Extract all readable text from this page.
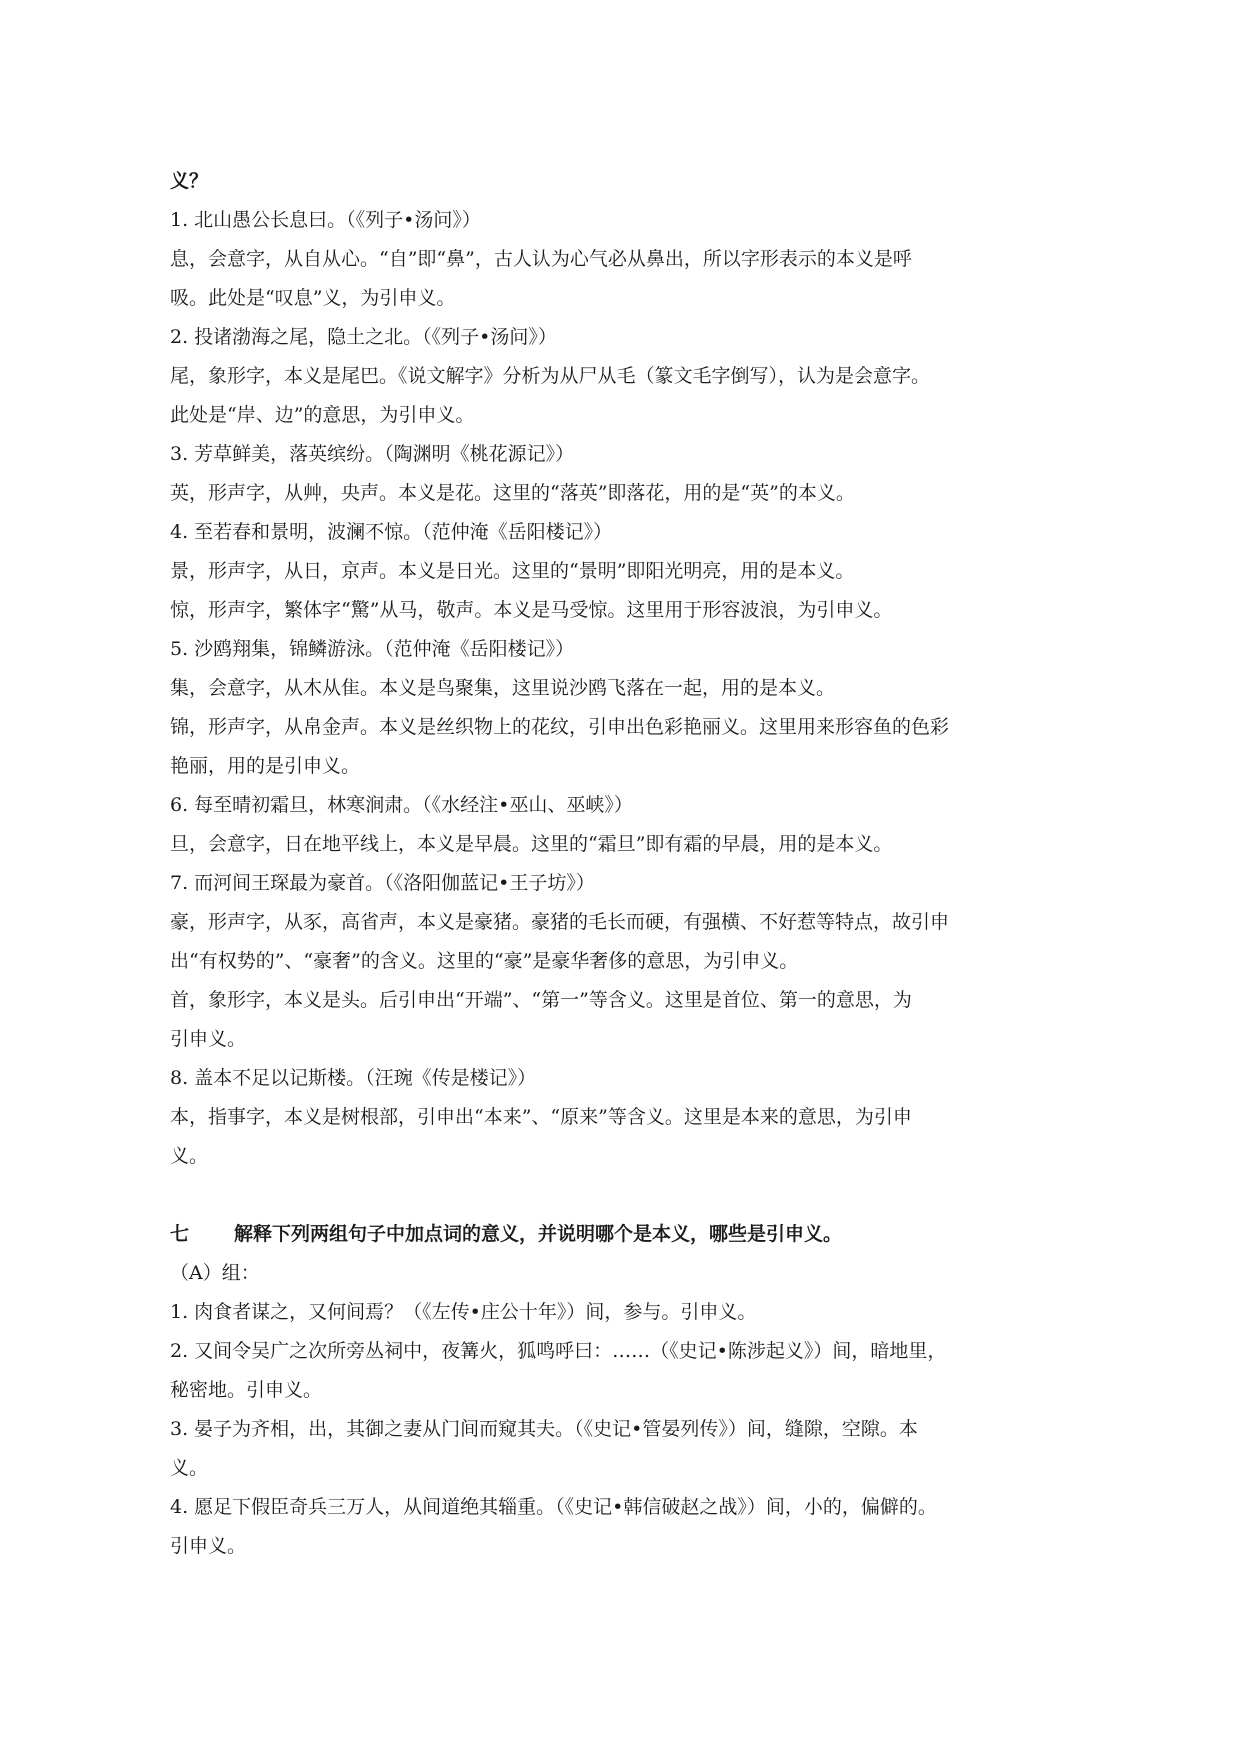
义？
1. 北山愚公长息曰。（《列子•汤问》）
息，会意字，从自从心。“自”即“鼻”，古人认为心气必从鼻出，所以字形表示的本义是呼
吸。此处是“叹息”义，为引申义。
2. 投诸渤海之尾，隐土之北。（《列子•汤问》）
尾，象形字，本义是尾巴。《说文解字》分析为从尸从毛（篆文毛字倒写），认为是会意字。
此处是“岸、边”的意思，为引申义。
3. 芳草鲜美，落英缤纷。（陶渊明《桃花源记》）
英，形声字，从艸，央声。本义是花。这里的“落英”即落花，用的是“英”的本义。
4. 至若春和景明，波澜不惊。（范仲淹《岳阳楼记》）
景，形声字，从日，京声。本义是日光。这里的“景明”即阳光明亮，用的是本义。
惊，形声字，繁体字“驚”从马，敬声。本义是马受惊。这里用于形容波浪，为引申义。
5. 沙鸥翔集，锦鳞游泳。（范仲淹《岳阳楼记》）
集，会意字，从木从隹。本义是鸟聚集，这里说沙鸥飞落在一起，用的是本义。
锦，形声字，从帛金声。本义是丝织物上的花纹，引申出色彩艳丽义。这里用来形容鱼的色彩
艳丽，用的是引申义。
6. 每至晴初霜旦，林寒涧肃。（《水经注•巫山、巫峡》）
旦，会意字，日在地平线上，本义是早晨。这里的“霜旦”即有霜的早晨，用的是本义。
7. 而河间王琛最为豪首。（《洛阳伽蓝记•王子坊》）
豪，形声字，从豕，高省声，本义是豪猪。豪猪的毛长而硬，有强横、不好惹等特点，故引申
出“有权势的”、“豪奢”的含义。这里的“豪”是豪华奢侈的意思，为引申义。
首，象形字，本义是头。后引申出“开端”、“第一”等含义。这里是首位、第一的意思，为
引申义。
8. 盖本不足以记斯楼。（汪琬《传是楼记》）
本，指事字，本义是树根部，引申出“本来”、“原来”等含义。这里是本来的意思，为引申
义。
七 解释下列两组句子中加点词的意义，并说明哪个是本义，哪些是引申义。
（A）组：
1. 肉食者谋之，又何间焉？（《左传•庄公十年》）间，参与。引申义。
2. 又间令吴广之次所旁丛祠中，夜篝火，狐鸣呼曰：……（《史记•陈涉起义》）间，暗地里，
秘密地。引申义。
3. 晏子为齐相，出，其御之妻从门间而窥其夫。（《史记•管晏列传》）间，缝隙，空隙。本
义。
4. 愿足下假臣奇兵三万人，从间道绝其辎重。（《史记•韩信破赵之战》）间，小的，偏僻的。
引申义。
